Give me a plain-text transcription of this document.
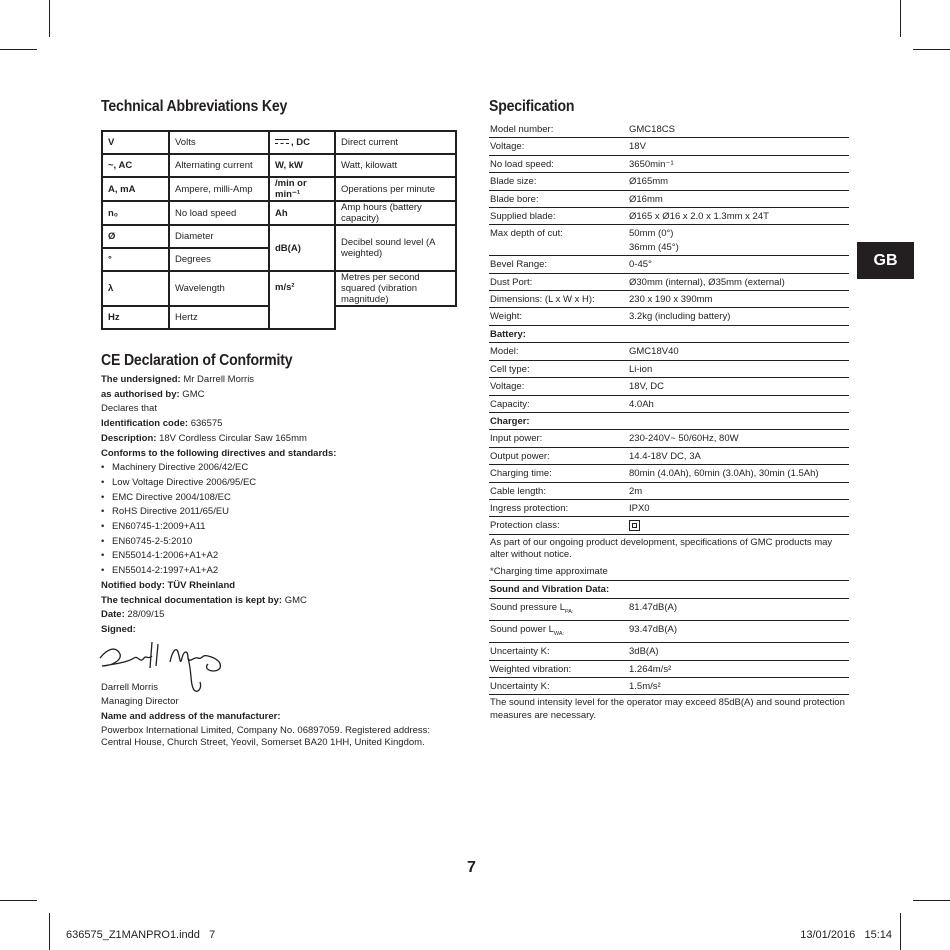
Technical Abbreviations Key
V	Volts	, DC	Direct current
~, AC	Alternating current	W, kW	Watt, kilowatt
A, mA	Ampere, milli-Amp	/min or min⁻¹	Operations per minute
n₀	No load speed	Ah	Amp hours (battery capacity)
Ø	Diameter	dB(A)	Decibel sound level (A weighted)
°	Degrees		
λ	Wavelength	m/s²	Metres per second squared (vibration magnitude)
Hz	Hertz		
CE Declaration of Conformity
The undersigned: Mr Darrell Morris
as authorised by: GMC
Declares that
Identification code: 636575
Description: 18V Cordless Circular Saw 165mm
Conforms to the following directives and standards:
• Machinery Directive 2006/42/EC
• Low Voltage Directive 2006/95/EC
• EMC Directive 2004/108/EC
• RoHS Directive 2011/65/EU
• EN60745-1:2009+A11
• EN60745-2-5:2010
• EN55014-1:2006+A1+A2
• EN55014-2:1997+A1+A2
Notified body: TÜV Rheinland
The technical documentation is kept by: GMC
Date: 28/09/15
Signed:
Darrell Morris
Managing Director
Name and address of the manufacturer:
Powerbox International Limited, Company No. 06897059. Registered address:
Central House, Church Street, Yeovil, Somerset BA20 1HH, United Kingdom.
Specification
Model number:	GMC18CS
Voltage:	18V
No load speed:	3650min⁻¹
Blade size:	Ø165mm
Blade bore:	Ø16mm
Supplied blade:	Ø165 x Ø16 x 2.0 x 1.3mm x 24T
Max depth of cut:	50mm (0°)
36mm (45°)
Bevel Range:	0-45°
Dust Port:	Ø30mm (internal), Ø35mm (external)
Dimensions: (L x W x H):	230 x 190 x 390mm
Weight:	3.2kg (including battery)
Battery:
Model:	GMC18V40
Cell type:	Li-ion
Voltage:	18V, DC
Capacity:	4.0Ah
Charger:
Input power:	230-240V~ 50/60Hz, 80W
Output power:	14.4-18V DC, 3A
Charging time:	80min (4.0Ah), 60min (3.0Ah), 30min (1.5Ah)
Cable length:	2m
Ingress protection:	IPX0
Protection class:
As part of our ongoing product development, specifications of GMC products may alter without notice.
*Charging time approximate
Sound and Vibration Data:
Sound pressure $L_{PA:}$	81.47dB(A)
Sound power $L_{WA:}$	93.47dB(A)
Uncertainty K:	3dB(A)
Weighted vibration:	1.264m/s²
Uncertainty K:	1.5m/s²
The sound intensity level for the operator may exceed 85dB(A) and sound protection measures are necessary.
GB
7
636575_Z1MANPRO1.indd   7	13/01/2016   15:14
